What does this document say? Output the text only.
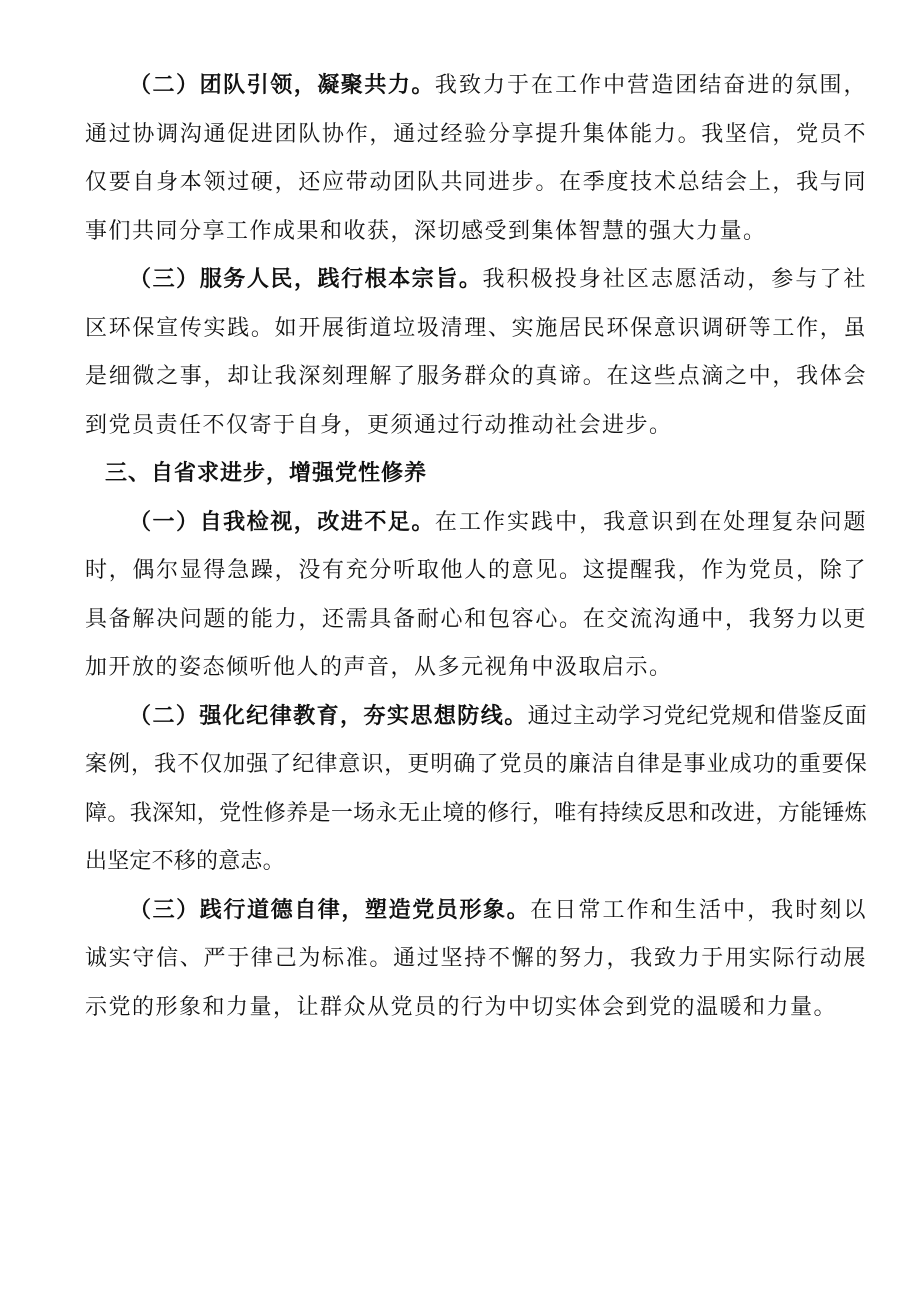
（二）团队引领，凝聚共力。我致力于在工作中营造团结奋进的氛围，通过协调沟通促进团队协作，通过经验分享提升集体能力。我坚信，党员不仅要自身本领过硬，还应带动团队共同进步。在季度技术总结会上，我与同事们共同分享工作成果和收获，深切感受到集体智慧的强大力量。

（三）服务人民，践行根本宗旨。我积极投身社区志愿活动，参与了社区环保宣传实践。如开展街道垃圾清理、实施居民环保意识调研等工作，虽是细微之事，却让我深刻理解了服务群众的真谛。在这些点滴之中，我体会到党员责任不仅寄于自身，更须通过行动推动社会进步。

三、自省求进步，增强党性修养

（一）自我检视，改进不足。在工作实践中，我意识到在处理复杂问题时，偶尔显得急躁，没有充分听取他人的意见。这提醒我，作为党员，除了具备解决问题的能力，还需具备耐心和包容心。在交流沟通中，我努力以更加开放的姿态倾听他人的声音，从多元视角中汲取启示。

（二）强化纪律教育，夯实思想防线。通过主动学习党纪党规和借鉴反面案例，我不仅加强了纪律意识，更明确了党员的廉洁自律是事业成功的重要保障。我深知，党性修养是一场永无止境的修行，唯有持续反思和改进，方能锤炼出坚定不移的意志。

（三）践行道德自律，塑造党员形象。在日常工作和生活中，我时刻以诚实守信、严于律己为标准。通过坚持不懈的努力，我致力于用实际行动展示党的形象和力量，让群众从党员的行为中切实体会到党的温暖和力量。
